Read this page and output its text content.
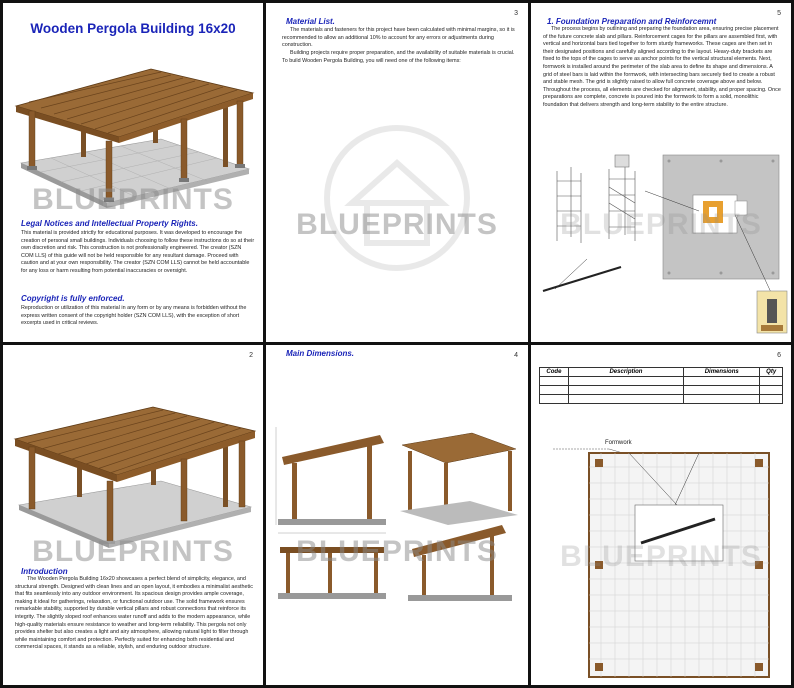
Wooden Pergola Building 16x20
BLUEPRINTS
Legal Notices and Intellectual Property Rights.
This material is provided strictly for educational purposes. It was developed to encourage the creation of personal small buildings. Individuals choosing to follow these instructions do so at their own discretion and risk. This construction is not professionally engineered. The creator (SZN COM LLS) of this guide will not be held responsible for any resultant damage. Proceed with caution and at your own responsibility. The creator (SZN COM LLS) cannot be held accountable for any loss or harm resulting from potential inaccuracies or oversight.
Copyright is fully enforced.
Reproduction or utilization of this material in any form or by any means is forbidden without the express written consent of the copyright holder (SZN COM LLS), with the exception of short excerpts used in critical reviews.
3
Material List.
The materials and fasteners for this project have been calculated with minimal margins, so it is recommended to allow an additional 10% to account for any errors or adjustments during construction.
Building projects require proper preparation, and the availability of suitable materials is crucial. To build Wooden Pergola Building, you will need one of the following items:
BLUEPRINTS
5
1. Foundation Preparation and Reinforcemnt
The process begins by outlining and preparing the foundation area, ensuring precise placement of the future concrete slab and pillars. Reinforcement cages for the pillars are assembled first, with vertical and horizontal bars tied together to form sturdy frameworks. These cages are then set in their designated positions and carefully aligned according to the layout. Heavy-duty brackets are fixed to the tops of the cages to serve as anchor points for the vertical structural elements. Next, formwork is installed around the perimeter of the slab area to define its shape and dimensions. A grid of steel bars is laid within the formwork, with intersecting bars securely tied to create a robust and stable mesh. The grid is slightly raised to allow full concrete coverage above and below. Throughout the process, all elements are checked for alignment, stability, and proper spacing. Once preparations are complete, concrete is poured into the formwork to form a solid, monolithic foundation that delivers strength and long-term stability to the entire structure.
BLUEPRINTS
2
BLUEPRINTS
Introduction
The Wooden Pergola Building 16x20 showcases a perfect blend of simplicity, elegance, and structural strength. Designed with clean lines and an open layout, it embodies a minimalist aesthetic that fits seamlessly into any outdoor environment. Its spacious design provides ample coverage, making it ideal for gatherings, relaxation, or functional outdoor use. The solid framework ensures remarkable stability, supported by durable vertical pillars and robust connections that reinforce its integrity. The slightly sloped roof enhances water runoff and adds to the modern appearance, while high-quality materials ensure resistance to weather and long-term reliability. This pergola not only provides shelter but also creates a light and airy atmosphere, allowing natural light to filter through while maintaining comfort and protection. Perfectly suited for enhancing both residential and commercial spaces, it stands as a reliable, stylish, and enduring outdoor structure.
4
Main Dimensions.
BLUEPRINTS
6
Code	Description	Dimensions	Qty

Formwork
BLUEPRINTS
